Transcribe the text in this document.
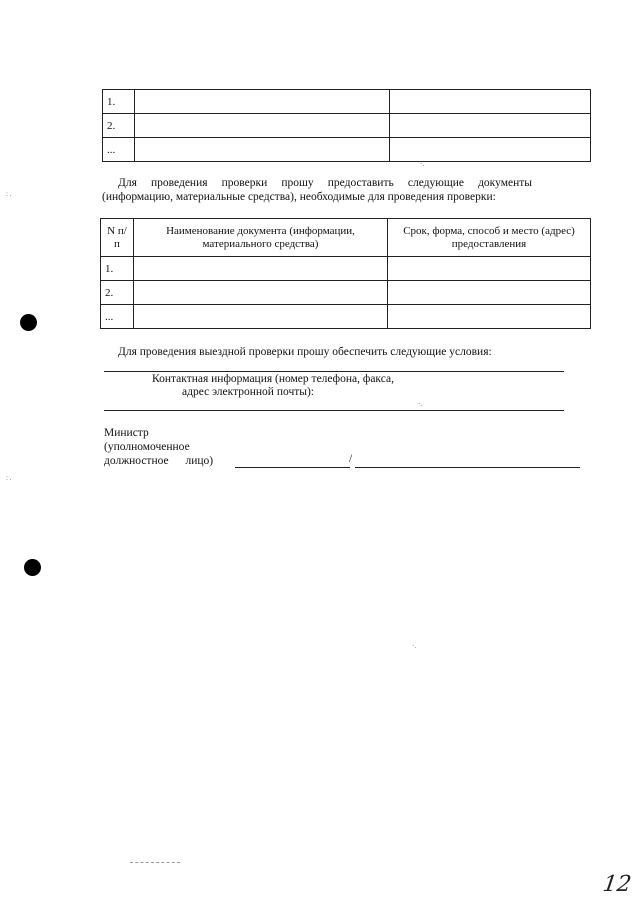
1.		
2.		
...		
Для проведения проверки прошу предоставить следующие документы
(информацию, материальные средства), необходимые для проведения проверки:
N п/п	Наименование документа (информации, материального средства)	Срок, форма, способ и место (адрес) предоставления
1.		
2.		
...		
Для проведения выездной проверки прошу обеспечить следующие условия:
Контактная информация (номер телефона, факса,
адрес электронной почты):
Министр
(уполномоченное
должностное лицо)	/
·.
·.
·.
: .
: .
12
